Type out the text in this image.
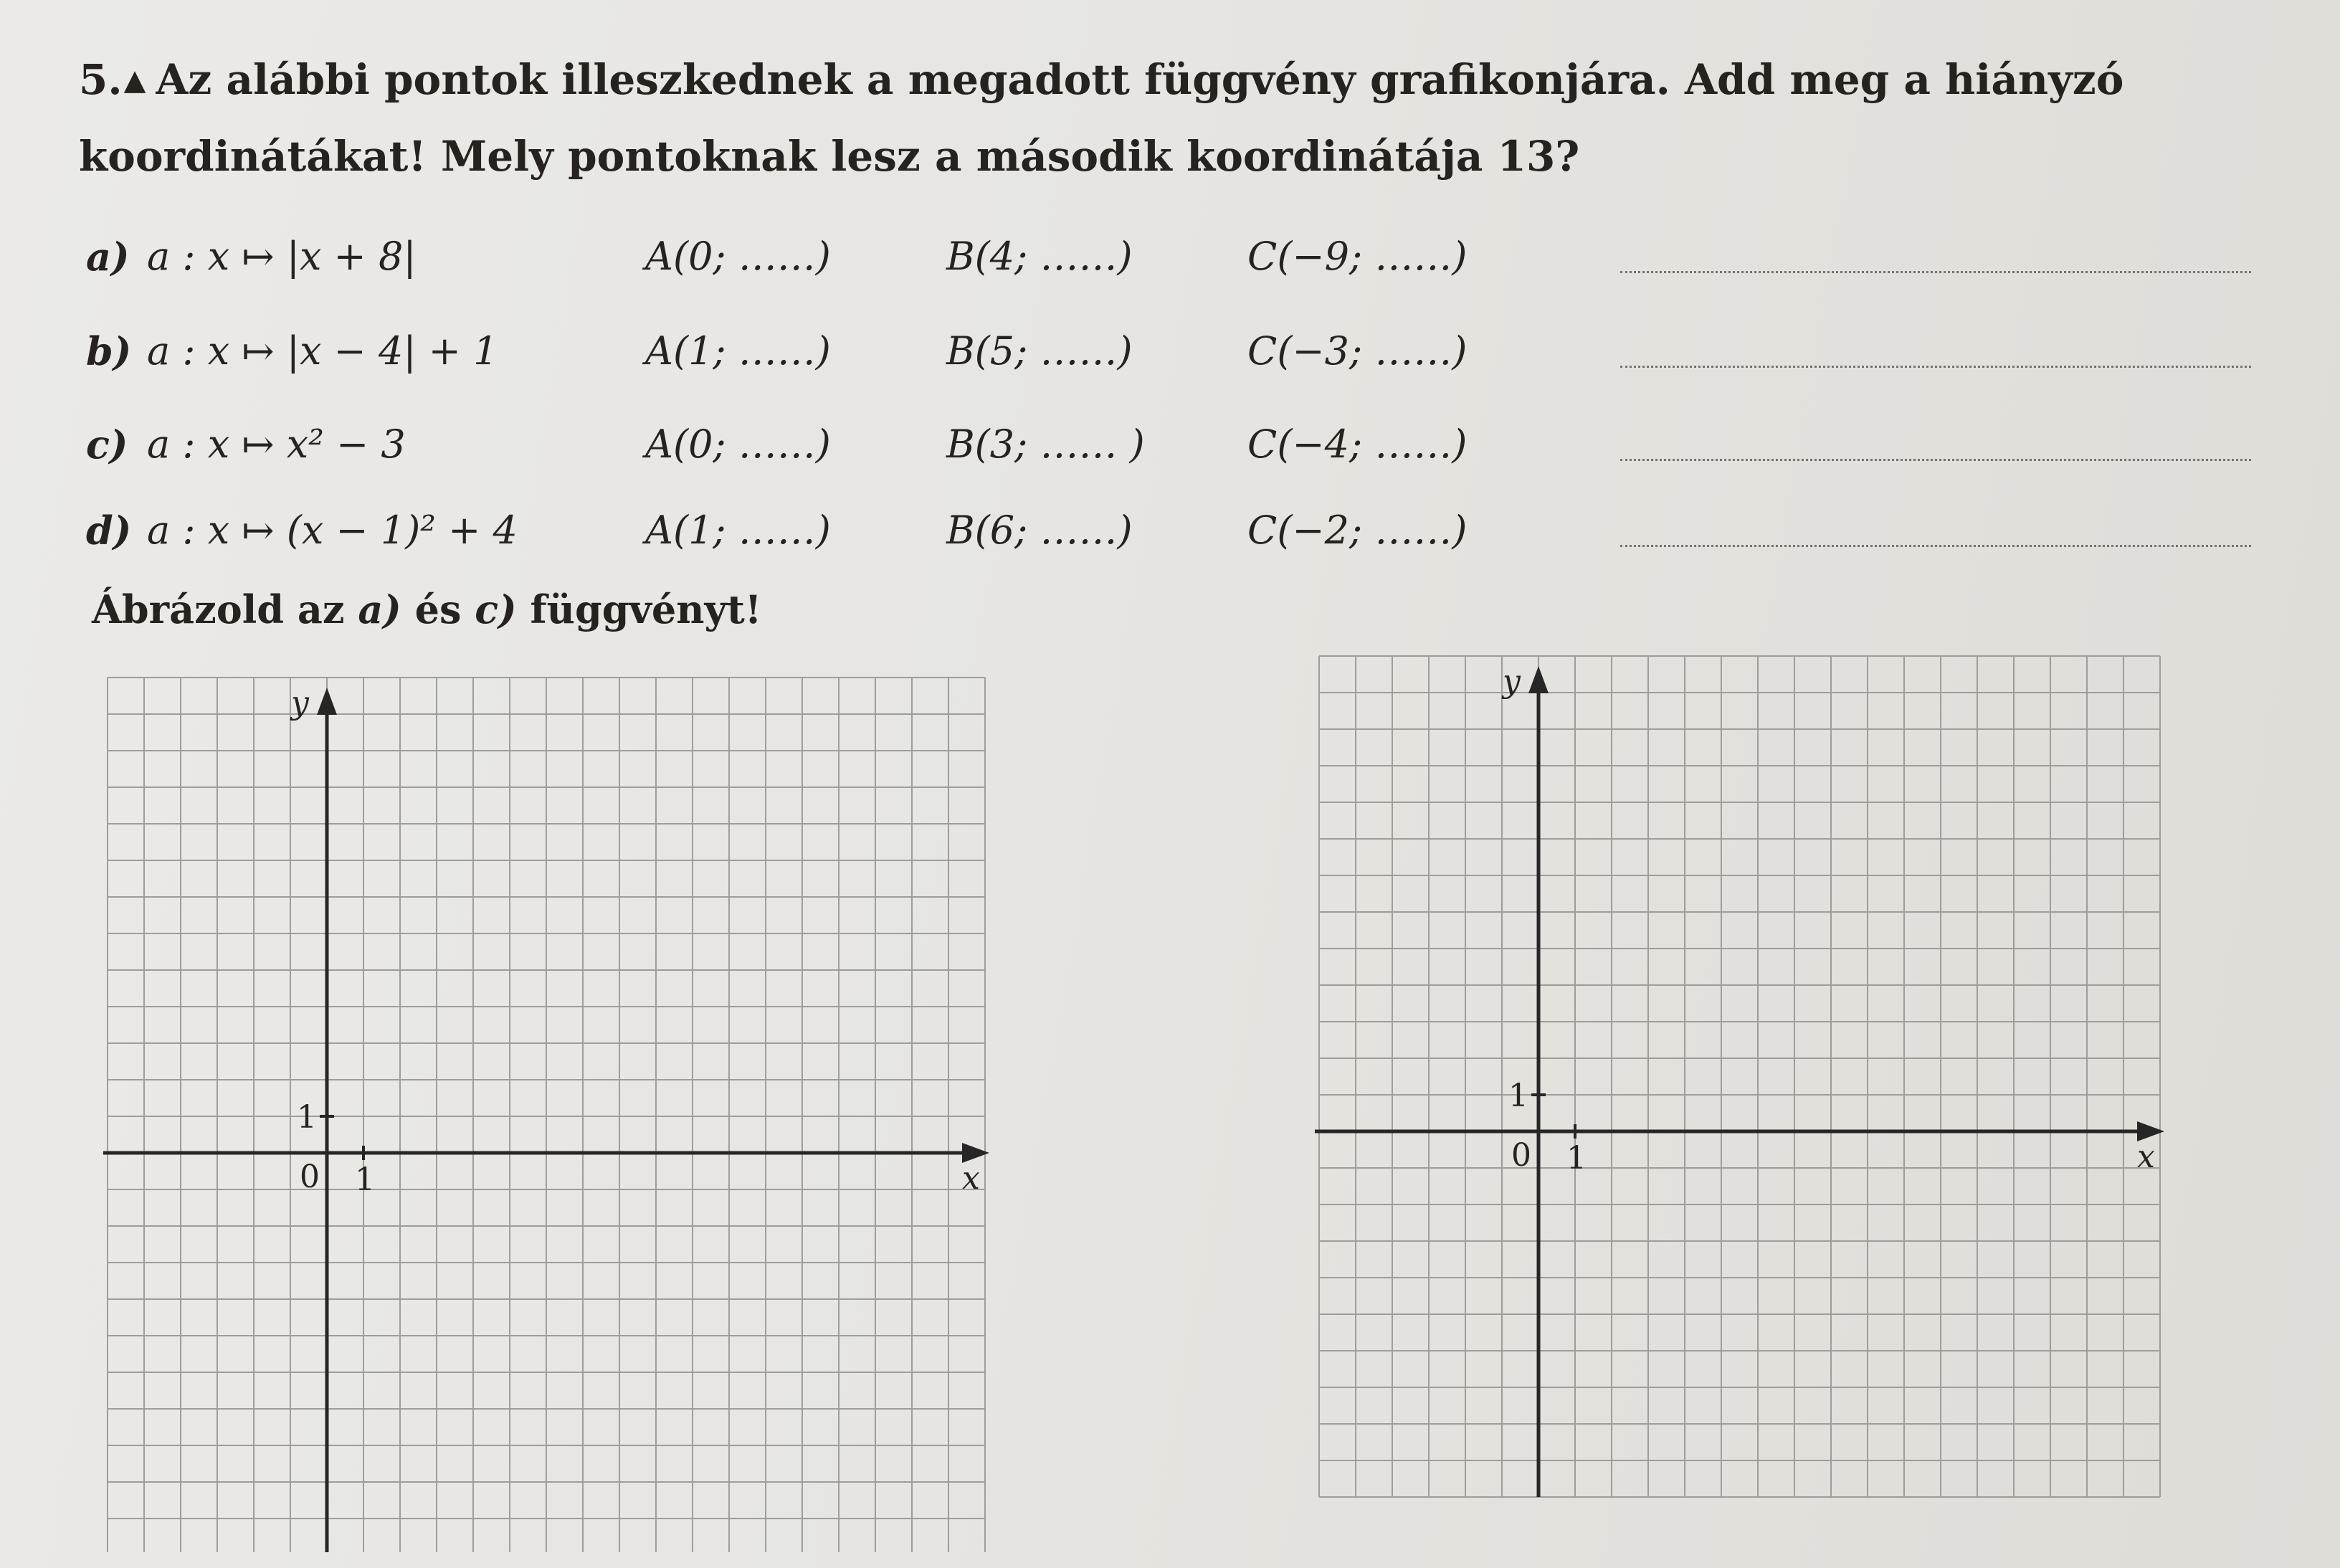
5.▲ Az alábbi pontok illeszkednek a megadott függvény grafikonjára. Add meg a hiányzó koordinátákat! Mely pontoknak lesz a második koordinátája 13?
a) a : x ↦ |x + 8|	A(0; ……)	B(4; ……)	C(−9; ……)
b) a : x ↦ |x − 4| + 1	A(1; ……)	B(5; ……)	C(−3; ……)
c) a : x ↦ x² − 3	A(0; ……)	B(3; …… )	C(−4; ……)
d) a : x ↦ (x − 1)² + 4	A(1; ……)	B(6; ……)	C(−2; ……)
Ábrázold az a) és c) függvényt!
y
x
0 1
1
y
x
0 1
1
